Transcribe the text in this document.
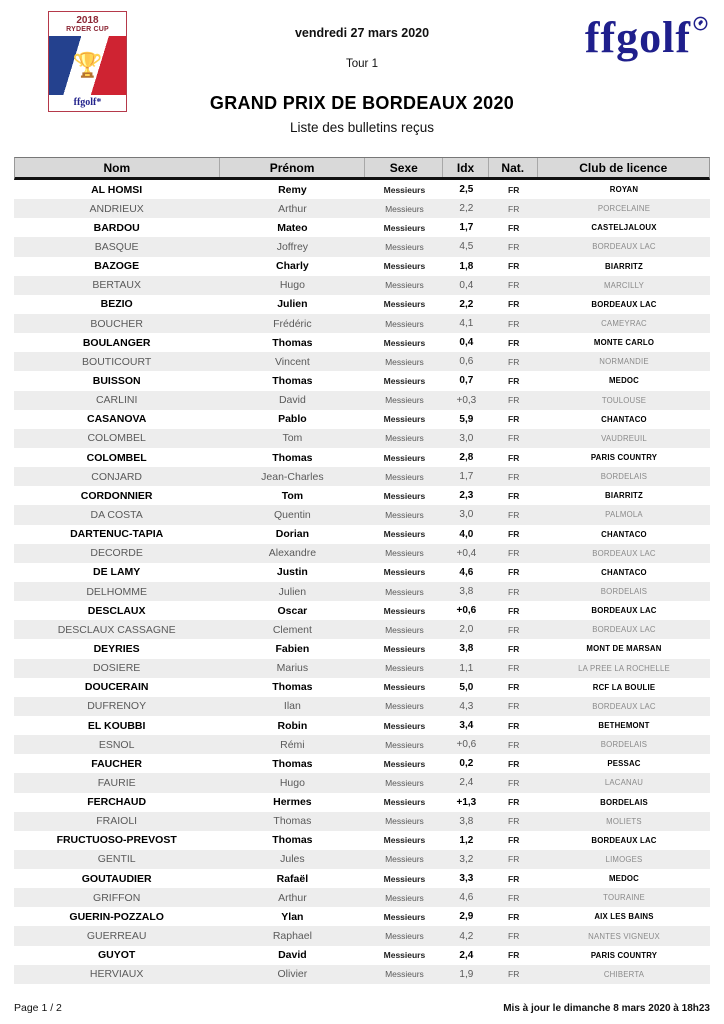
2018
RYDER CUP
🏆
ffgolf*
vendredi 27 mars 2020
Tour 1
ffgolf
GRAND PRIX DE BORDEAUX 2020
Liste des bulletins reçus
Nom	Prénom	Sexe	Idx	Nat.	Club de licence
AL HOMSI	Remy	Messieurs	2,5	FR	ROYAN
ANDRIEUX	Arthur	Messieurs	2,2	FR	PORCELAINE
BARDOU	Mateo	Messieurs	1,7	FR	CASTELJALOUX
BASQUE	Joffrey	Messieurs	4,5	FR	BORDEAUX LAC
BAZOGE	Charly	Messieurs	1,8	FR	BIARRITZ
BERTAUX	Hugo	Messieurs	0,4	FR	MARCILLY
BEZIO	Julien	Messieurs	2,2	FR	BORDEAUX LAC
BOUCHER	Frédéric	Messieurs	4,1	FR	CAMEYRAC
BOULANGER	Thomas	Messieurs	0,4	FR	MONTE CARLO
BOUTICOURT	Vincent	Messieurs	0,6	FR	NORMANDIE
BUISSON	Thomas	Messieurs	0,7	FR	MEDOC
CARLINI	David	Messieurs	+0,3	FR	TOULOUSE
CASANOVA	Pablo	Messieurs	5,9	FR	CHANTACO
COLOMBEL	Tom	Messieurs	3,0	FR	VAUDREUIL
COLOMBEL	Thomas	Messieurs	2,8	FR	PARIS COUNTRY
CONJARD	Jean-Charles	Messieurs	1,7	FR	BORDELAIS
CORDONNIER	Tom	Messieurs	2,3	FR	BIARRITZ
DA COSTA	Quentin	Messieurs	3,0	FR	PALMOLA
DARTENUC-TAPIA	Dorian	Messieurs	4,0	FR	CHANTACO
DECORDE	Alexandre	Messieurs	+0,4	FR	BORDEAUX LAC
DE LAMY	Justin	Messieurs	4,6	FR	CHANTACO
DELHOMME	Julien	Messieurs	3,8	FR	BORDELAIS
DESCLAUX	Oscar	Messieurs	+0,6	FR	BORDEAUX LAC
DESCLAUX CASSAGNE	Clement	Messieurs	2,0	FR	BORDEAUX LAC
DEYRIES	Fabien	Messieurs	3,8	FR	MONT DE MARSAN
DOSIERE	Marius	Messieurs	1,1	FR	LA PREE LA ROCHELLE
DOUCERAIN	Thomas	Messieurs	5,0	FR	RCF LA BOULIE
DUFRENOY	Ilan	Messieurs	4,3	FR	BORDEAUX LAC
EL KOUBBI	Robin	Messieurs	3,4	FR	BETHEMONT
ESNOL	Rémi	Messieurs	+0,6	FR	BORDELAIS
FAUCHER	Thomas	Messieurs	0,2	FR	PESSAC
FAURIE	Hugo	Messieurs	2,4	FR	LACANAU
FERCHAUD	Hermes	Messieurs	+1,3	FR	BORDELAIS
FRAIOLI	Thomas	Messieurs	3,8	FR	MOLIETS
FRUCTUOSO-PREVOST	Thomas	Messieurs	1,2	FR	BORDEAUX LAC
GENTIL	Jules	Messieurs	3,2	FR	LIMOGES
GOUTAUDIER	Rafaël	Messieurs	3,3	FR	MEDOC
GRIFFON	Arthur	Messieurs	4,6	FR	TOURAINE
GUERIN-POZZALO	Ylan	Messieurs	2,9	FR	AIX LES BAINS
GUERREAU	Raphael	Messieurs	4,2	FR	NANTES VIGNEUX
GUYOT	David	Messieurs	2,4	FR	PARIS COUNTRY
HERVIAUX	Olivier	Messieurs	1,9	FR	CHIBERTA
Page 1 / 2	Mis à jour le dimanche 8 mars 2020 à 18h23
